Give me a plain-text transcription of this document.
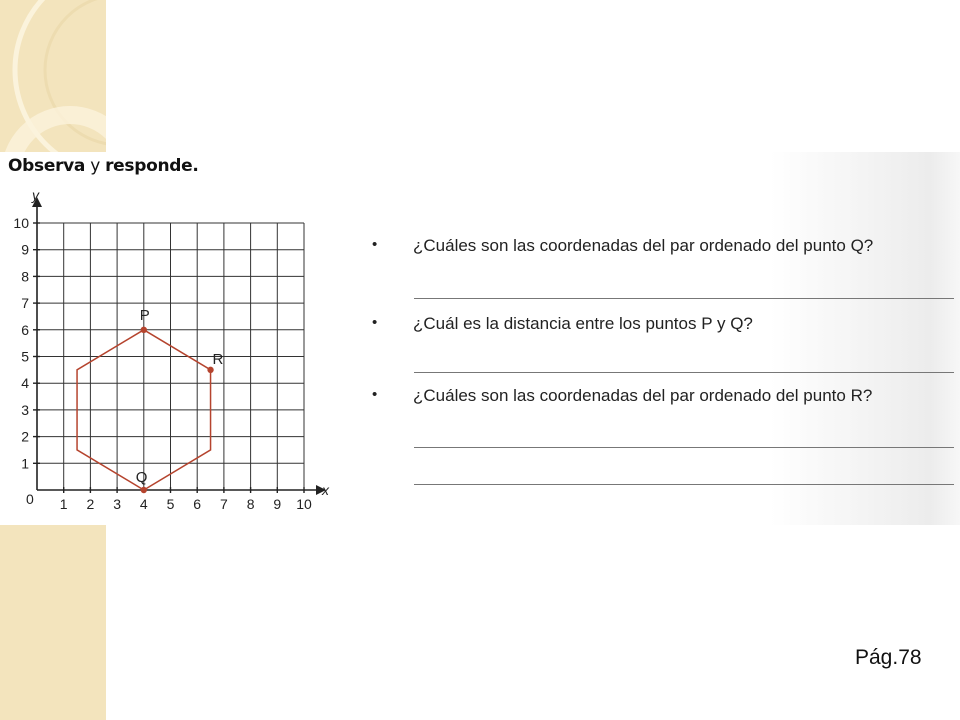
Observa y responde.
x
y
0 1 2 3 4 5 6 7 8 9 10
1
2
3
4
5
6
7
8
9
10
P
R
Q
• ¿Cuáles son las coordenadas del par ordenado del punto Q?
• ¿Cuál es la distancia entre los puntos P y Q?
• ¿Cuáles son las coordenadas del par ordenado del punto R?
Pág.78
